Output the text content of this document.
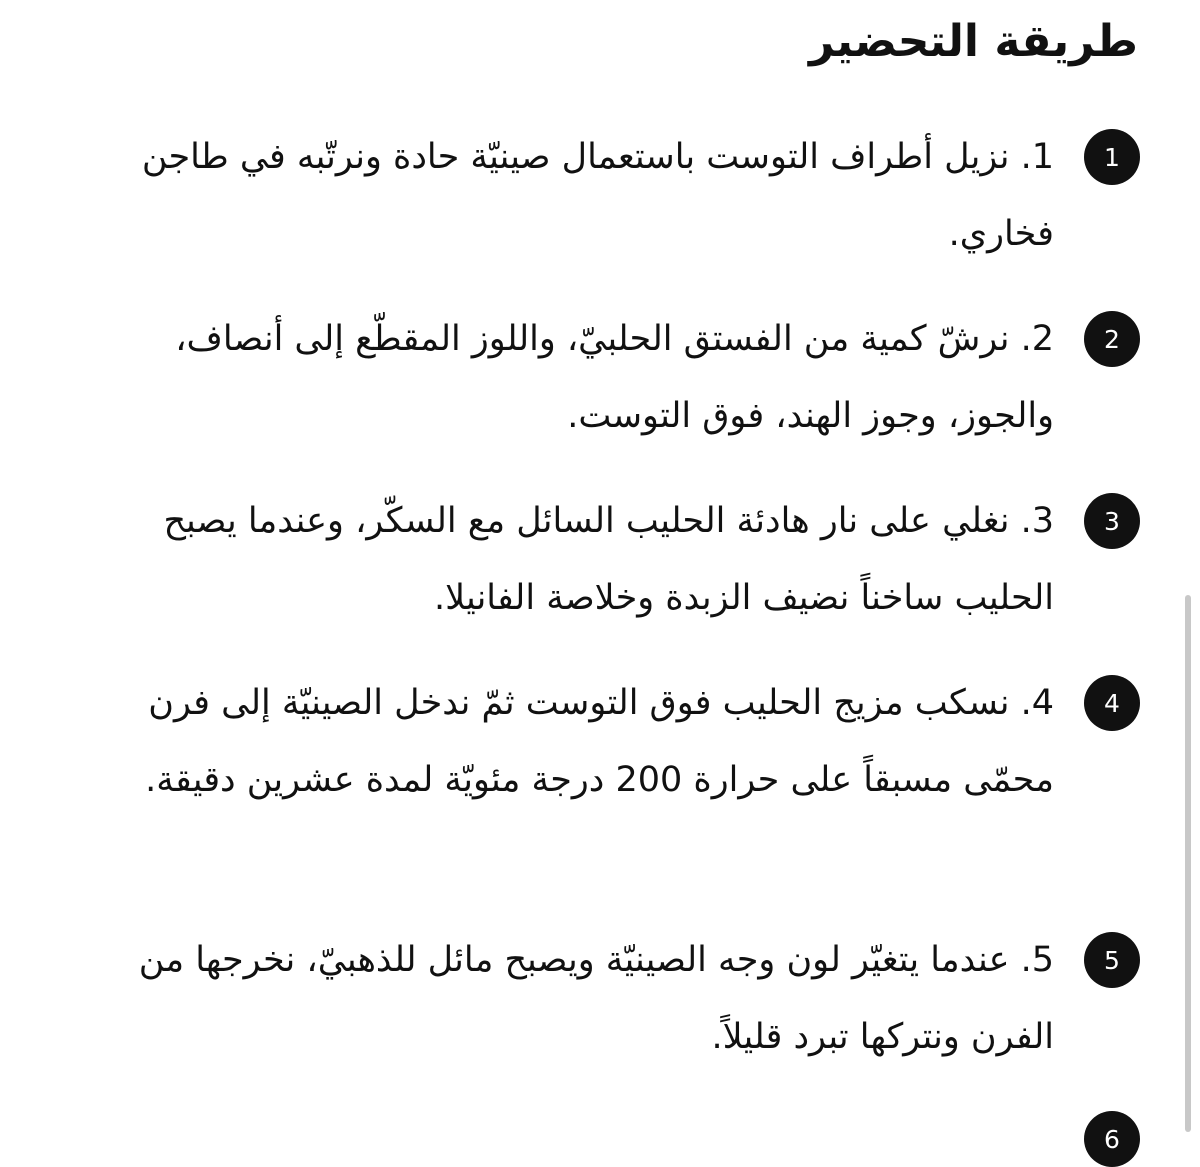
طريقة التحضير
1
1. نزيل أطراف التوست باستعمال صينيّة حادة ونرتّبه في طاجن فخاري.
2
2. نرشّ كمية من الفستق الحلبيّ، واللوز المقطّع إلى أنصاف، والجوز، وجوز الهند، فوق التوست.
3
3. نغلي على نار هادئة الحليب السائل مع السكّر، وعندما يصبح الحليب ساخناً نضيف الزبدة وخلاصة الفانيلا.
4
4. نسكب مزيج الحليب فوق التوست ثمّ ندخل الصينيّة إلى فرن محمّى مسبقاً على حرارة 200 درجة مئويّة لمدة عشرين دقيقة.
5
5. عندما يتغيّر لون وجه الصينيّة ويصبح مائل للذهبيّ، نخرجها من الفرن ونتركها تبرد قليلاً.
6
